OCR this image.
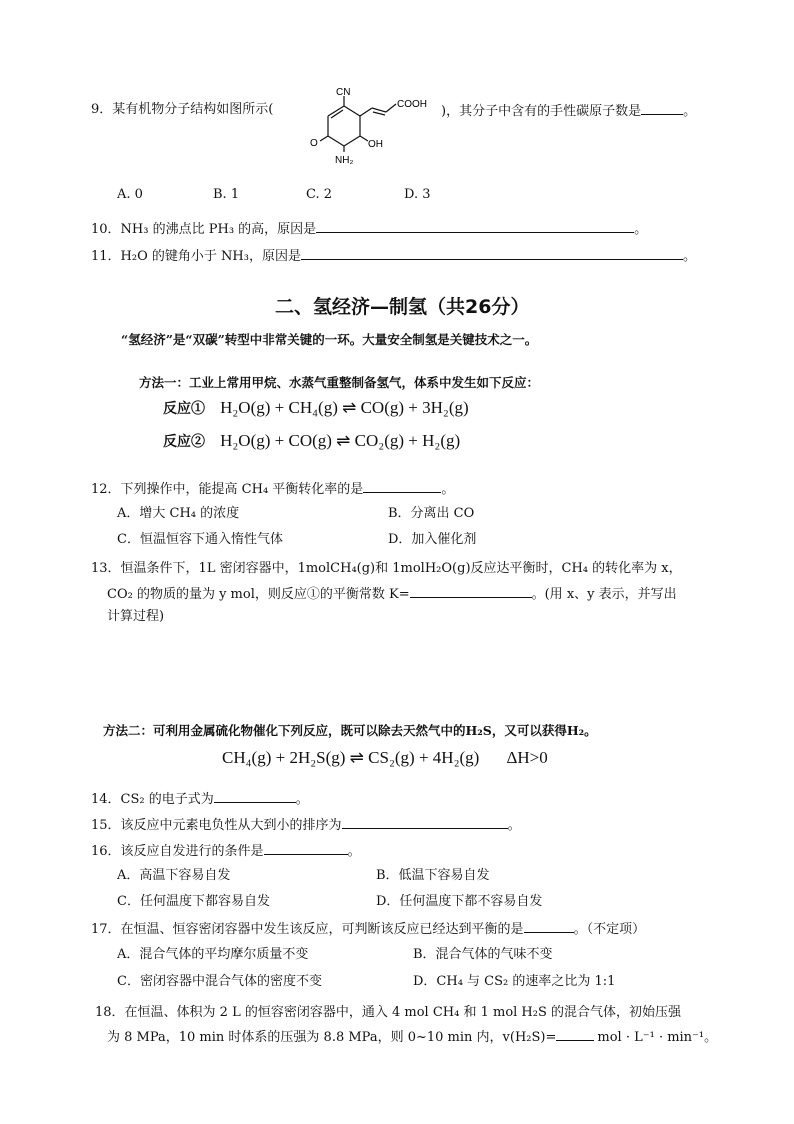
9．某有机物分子结构如图所示(
CN
COOH
O	OH
NH₂
)，其分子中含有的手性碳原子数是	。
A. 0	B. 1	C. 2	D. 3
10．NH₃ 的沸点比 PH₃ 的高，原因是	。
11．H₂O 的键角小于 NH₃，原因是	。
二、氢经济—制氢（共26分）
“氢经济”是“双碳”转型中非常关键的一环。大量安全制氢是关键技术之一。
方法一：工业上常用甲烷、水蒸气重整制备氢气，体系中发生如下反应：
反应① H₂O(g) + CH₄(g) ⇌ CO(g) + 3H₂(g)
反应② H₂O(g) + CO(g) ⇌ CO₂(g) + H₂(g)
12．下列操作中，能提高 CH₄ 平衡转化率的是	。
A．增大 CH₄ 的浓度	B．分离出 CO
C．恒温恒容下通入惰性气体	D．加入催化剂
13．恒温条件下，1L 密闭容器中，1molCH₄(g)和 1molH₂O(g)反应达平衡时，CH₄ 的转化率为 x，
CO₂ 的物质的量为 y mol，则反应①的平衡常数 K=	。(用 x、y 表示，并写出
计算过程)
方法二：可利用金属硫化物催化下列反应，既可以除去天然气中的H₂S，又可以获得H₂。
CH₄(g) + 2H₂S(g) ⇌ CS₂(g) + 4H₂(g) ΔH>0
14．CS₂ 的电子式为	。
15．该反应中元素电负性从大到小的排序为	。
16．该反应自发进行的条件是	。
A．高温下容易自发	B．低温下容易自发
C．任何温度下都容易自发	D．任何温度下都不容易自发
17．在恒温、恒容密闭容器中发生该反应，可判断该反应已经达到平衡的是	。（不定项）
A．混合气体的平均摩尔质量不变	B．混合气体的气味不变
C．密闭容器中混合气体的密度不变	D．CH₄ 与 CS₂ 的速率之比为 1:1
18．在恒温、体积为 2 L 的恒容密闭容器中，通入 4 mol CH₄ 和 1 mol H₂S 的混合气体，初始压强
为 8 MPa，10 min 时体系的压强为 8.8 MPa，则 0~10 min 内，v(H₂S)=	mol · L⁻¹ · min⁻¹。
